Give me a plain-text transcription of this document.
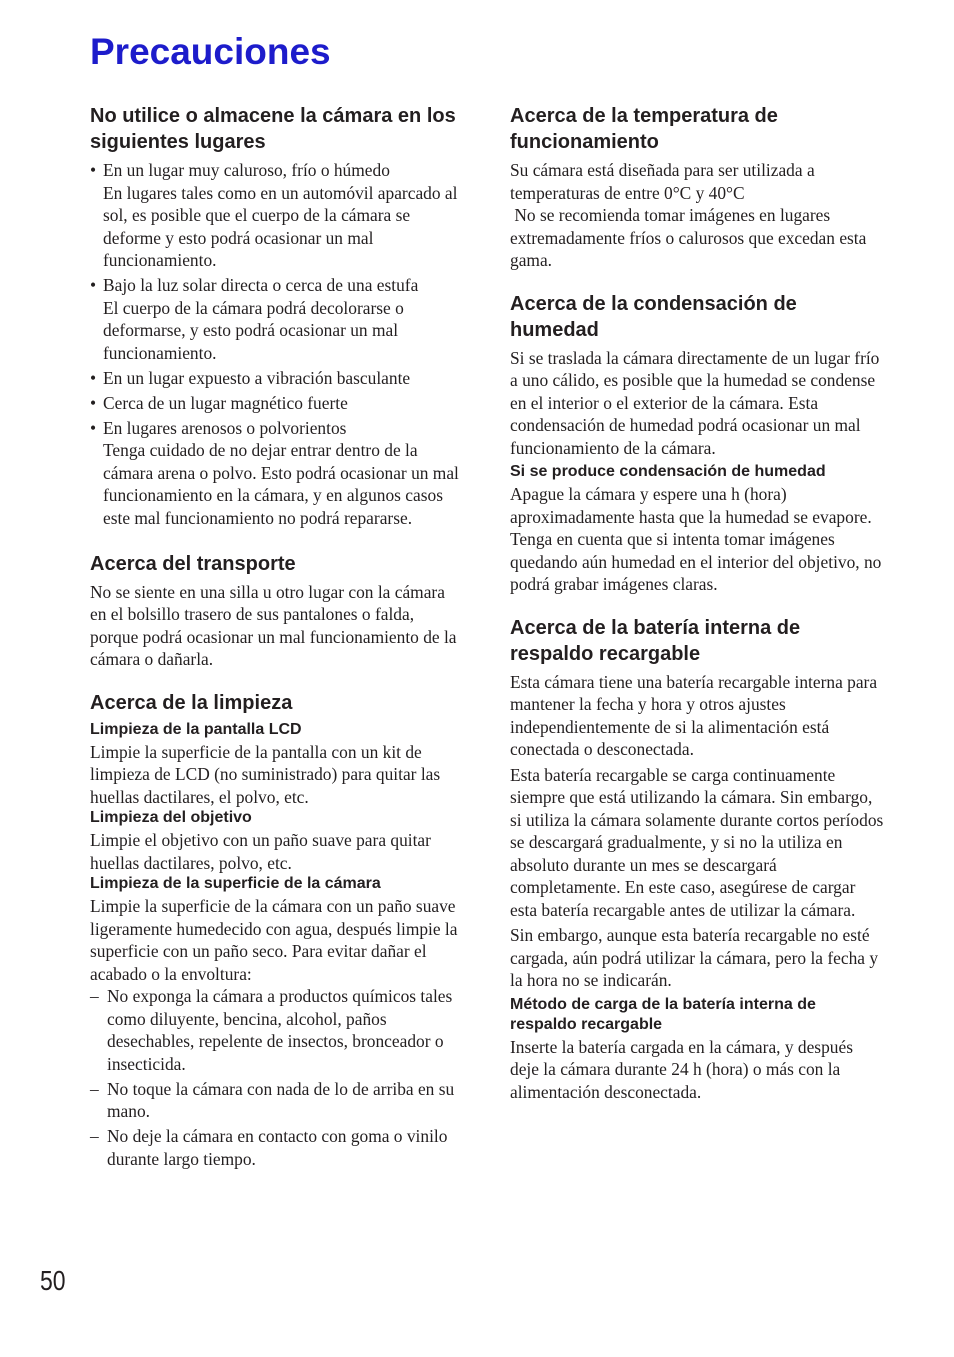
Precauciones
No utilice o almacene la cámara en los siguientes lugares
• En un lugar muy caluroso, frío o húmedo
En lugares tales como en un automóvil aparcado al sol, es posible que el cuerpo de la cámara se deforme y esto podrá ocasionar un mal funcionamiento.
• Bajo la luz solar directa o cerca de una estufa
El cuerpo de la cámara podrá decolorarse o deformarse, y esto podrá ocasionar un mal funcionamiento.
• En un lugar expuesto a vibración basculante
• Cerca de un lugar magnético fuerte
• En lugares arenosos o polvorientos
Tenga cuidado de no dejar entrar dentro de la cámara arena o polvo. Esto podrá ocasionar un mal funcionamiento en la cámara, y en algunos casos este mal funcionamiento no podrá repararse.
Acerca del transporte

No se siente en una silla u otro lugar con la cámara en el bolsillo trasero de sus pantalones o falda, porque podrá ocasionar un mal funcionamiento de la cámara o dañarla.

Acerca de la limpieza
Limpieza de la pantalla LCD

Limpie la superficie de la pantalla con un kit de limpieza de LCD (no suministrado) para quitar las huellas dactilares, el polvo, etc.

Limpieza del objetivo

Limpie el objetivo con un paño suave para quitar huellas dactilares, polvo, etc.

Limpieza de la superficie de la cámara

Limpie la superficie de la cámara con un paño suave ligeramente humedecido con agua, después limpie la superficie con un paño seco. Para evitar dañar el acabado o la envoltura:

– No exponga la cámara a productos químicos tales como diluyente, bencina, alcohol, paños desechables, repelente de insectos, bronceador o insecticida.
– No toque la cámara con nada de lo de arriba en su mano.
– No deje la cámara en contacto con goma o vinilo durante largo tiempo.
Acerca de la temperatura de funcionamiento

Su cámara está diseñada para ser utilizada a temperaturas de entre 0°C y 40°C

No se recomienda tomar imágenes en lugares extremadamente fríos o calurosos que excedan esta gama.

Acerca de la condensación de humedad

Si se traslada la cámara directamente de un lugar frío a uno cálido, es posible que la humedad se condense en el interior o el exterior de la cámara. Esta condensación de humedad podrá ocasionar un mal funcionamiento de la cámara.

Si se produce condensación de humedad

Apague la cámara y espere una h (hora) aproximadamente hasta que la humedad se evapore. Tenga en cuenta que si intenta tomar imágenes quedando aún humedad en el interior del objetivo, no podrá grabar imágenes claras.

Acerca de la batería interna de respaldo recargable

Esta cámara tiene una batería recargable interna para mantener la fecha y hora y otros ajustes independientemente de si la alimentación está conectada o desconectada.

Esta batería recargable se carga continuamente siempre que está utilizando la cámara. Sin embargo, si utiliza la cámara solamente durante cortos períodos se descargará gradualmente, y si no la utiliza en absoluto durante un mes se descargará completamente. En este caso, asegúrese de cargar esta batería recargable antes de utilizar la cámara.

Sin embargo, aunque esta batería recargable no esté cargada, aún podrá utilizar la cámara, pero la fecha y la hora no se indicarán.

Método de carga de la batería interna de respaldo recargable

Inserte la batería cargada en la cámara, y después deje la cámara durante 24 h (hora) o más con la alimentación desconectada.

50
